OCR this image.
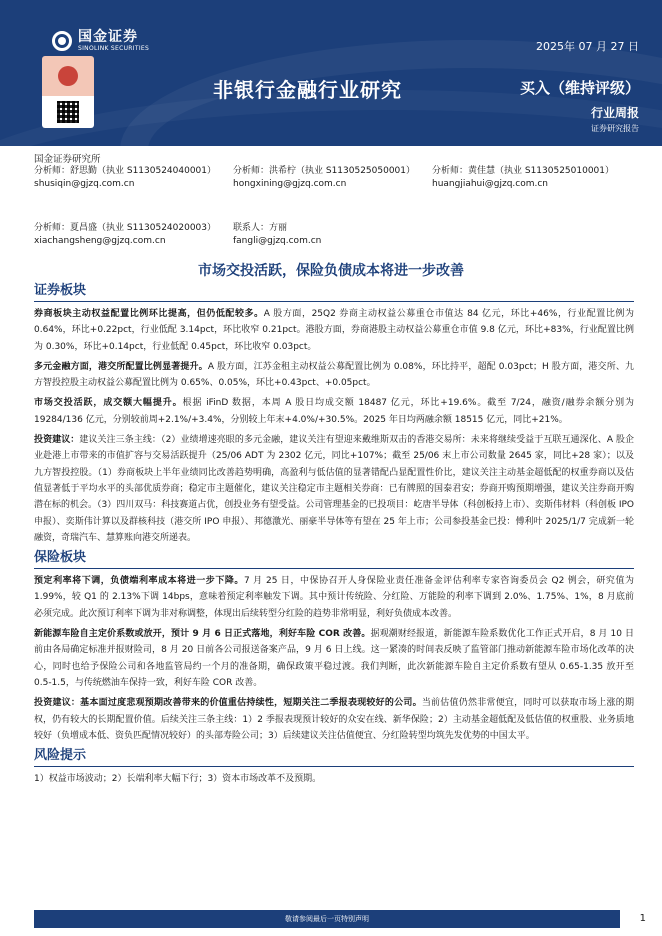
国金证券
SINOLINK SECURITIES	2025年 07 月 27 日
非银行金融行业研究	买入（维持评级）
行业周报
证券研究报告
国金证券研究所
分析师：舒思勤（执业 S1130524040001）
shusiqin@gjzq.com.cn
分析师：洪希柠（执业 S1130525050001）
hongxining@gjzq.com.cn
分析师：黄佳慧（执业 S1130525010001）
huangjiahui@gjzq.com.cn
分析师：夏昌盛（执业 S1130524020003）
xiachangsheng@gjzq.com.cn
联系人：方丽
fangli@gjzq.com.cn
市场交投活跃，保险负债成本将进一步改善
证券板块

券商板块主动权益配置比例环比提高，但仍低配较多。A 股方面，25Q2 券商主动权益公募重仓市值达 84 亿元，环比+46%，行业配置比例为 0.64%，环比+0.22pct，行业低配 3.14pct，环比收窄 0.21pct。港股方面，券商港股主动权益公募重仓市值 9.8 亿元，环比+83%，行业配置比例为 0.30%，环比+0.14pct，行业低配 0.45pct，环比收窄 0.03pct。

多元金融方面，港交所配置比例显著提升。A 股方面，江苏金租主动权益公募配置比例为 0.08%，环比持平，超配 0.03pct；H 股方面，港交所、九方智投控股主动权益公募配置比例为 0.65%、0.05%，环比+0.43pct、+0.05pct。

市场交投活跃，成交额大幅提升。根据 iFinD 数据，本周 A 股日均成交额 18487 亿元，环比+19.6%。截至 7/24，融资/融券余额分别为 19284/136 亿元，分别较前周+2.1%/+3.4%，分别较上年末+4.0%/+30.5%。2025 年日均两融余额 18515 亿元，同比+21%。

投资建议：建议关注三条主线：（2）业绩增速亮眼的多元金融，建议关注有望迎来戴维斯双击的香港交易所：未来将继续受益于互联互通深化、A 股企业赴港上市带来的市值扩容与交易活跃提升（25/06 ADT 为 2302 亿元，同比+107%；截至 25/06 末上市公司数量 2645 家，同比+28 家）；以及九方智投控股。（1）券商板块上半年业绩同比改善趋势明确，高盈利与低估值的显著错配凸显配置性价比，建议关注主动基金超低配的权重券商以及估值显著低于平均水平的头部优质券商；稳定市主题催化，建议关注稳定市主题相关券商：已有牌照的国泰君安；券商开购预期增强，建议关注券商开购潜在标的机会。（3）四川双马：科技赛道占优，创投业务有望受益。公司管理基金的已投项目：屹唐半导体（科创板持上市）、奕斯伟材料（科创板 IPO 申报）、奕斯伟计算以及群核科技（港交所 IPO 申报）、邦德激光、丽豪半导体等有望在 25 年上市；公司参投基金已投：傅利叶 2025/1/7 完成新一轮融资，奇瑞汽车、慧算账向港交所递表。

保险板块

预定利率将下调，负债端利率成本将进一步下降。7 月 25 日，中保协召开人身保险业责任准备金评估利率专家咨询委员会 Q2 例会，研究值为 1.99%，较 Q1 的 2.13%下调 14bps，意味着预定利率触发下调。其中预计传统险、分红险、万能险的利率下调到 2.0%、1.75%、1%，8 月底前必须完成。此次预订利率下调为非对称调整，体现出后续转型分红险的趋势非常明显，利好负债成本改善。

新能源车险自主定价系数或放开，预计 9 月 6 日正式落地，利好车险 COR 改善。据观潮财经报道，新能源车险系数优化工作正式开启，8 月 10 日前由各局确定标准并报财险司，8 月 20 日前各公司报送备案产品，9 月 6 日上线。这一紧凑的时间表反映了监管部门推动新能源车险市场化改革的决心，同时也给予保险公司和各地监管局约一个月的准备期，确保政策平稳过渡。我们判断，此次新能源车险自主定价系数有望从 0.65-1.35 放开至 0.5-1.5，与传统燃油车保持一致，利好车险 COR 改善。

投资建议：基本面过度悲观预期改善带来的价值重估持续性，短期关注二季报表现较好的公司。当前估值仍然非常便宜，同时可以获取市场上涨的期权，仍有较大的长期配置价值。后续关注三条主线：1）2 季报表现预计较好的众安在线、新华保险；2）主动基金超低配及低估值的权重股、业务质地较好（负增成本低、资负匹配情况较好）的头部寿险公司；3）后续建议关注估值便宜、分红险转型均筑先发优势的中国太平。

风险提示

1）权益市场波动；2）长端利率大幅下行；3）资本市场改革不及预期。

敬请参阅最后一页特别声明	1
